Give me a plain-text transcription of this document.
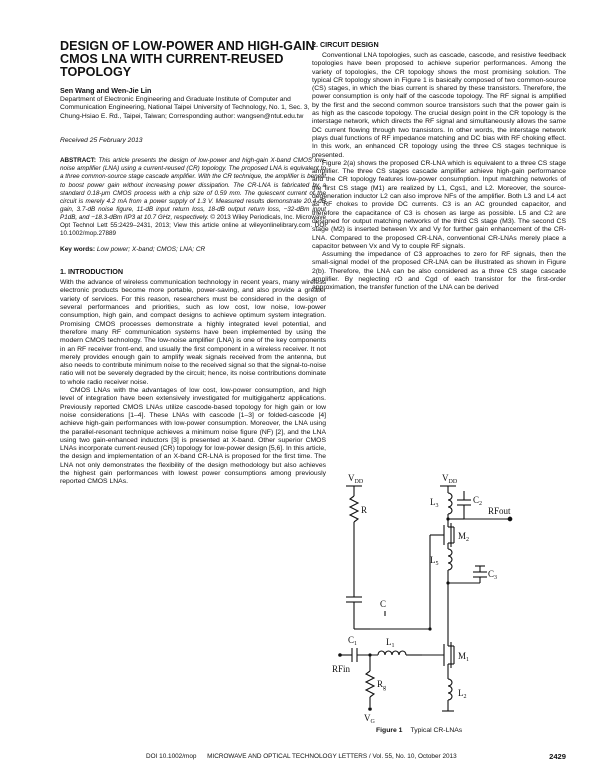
DESIGN OF LOW-POWER AND HIGH-GAIN CMOS LNA WITH CURRENT-REUSED TOPOLOGY

Sen Wang and Wen-Jie Lin

Department of Electronic Engineering and Graduate Institute of Computer and Communication Engineering, National Taipei University of Technology, No. 1, Sec. 3, Chung-Hsiao E. Rd., Taipei, Taiwan; Corresponding author: wangsen@ntut.edu.tw

Received 25 February 2013

ABSTRACT: This article presents the design of low-power and high-gain X-band CMOS low-noise amplifier (LNA) using a current-reused (CR) topology. The proposed LNA is equivalent to a three common-source stage cascade amplifier. With the CR technique, the amplifier is benefit to boost power gain without increasing power dissipation. The CR-LNA is fabricated by a standard 0.18-μm CMOS process with a chip size of 0.59 mm. The quiescent current of the circuit is merely 4.2 mA from a power supply of 1.3 V. Measured results demonstrate 20.4-dB gain, 3.7-dB noise figure, 11-dB input return loss, 18-dB output return loss, −32-dBm input P1dB, and −18.3-dBm IIP3 at 10.7 GHz, respectively. © 2013 Wiley Periodicals, Inc. Microwave Opt Technol Lett 55:2429–2431, 2013; View this article online at wileyonlinelibrary.com. DOI 10.1002/mop.27889

Key words: Low power; X-band; CMOS; LNA; CR

1. INTRODUCTION

With the advance of wireless communication technology in recent years, many wireless electronic products become more portable, power-saving, and also provide a greater variety of services. For this reason, researchers must be considered in the design of several performances and priorities, such as low cost, low noise, low-power consumption, high gain, and compact designs to achieve optimum system integration. Promising CMOS processes demonstrate a highly integrated level potential, and therefore many RF communication systems have been implemented by using the modern CMOS technology. The low-noise amplifier (LNA) is one of the key components in an RF receiver front-end, and usually the first component in a wireless receiver. It not merely provides enough gain to amplify weak signals received from the antenna, but also needs to contribute minimum noise to the received signal so that the signal-to-noise ratio will not be severely degraded by the circuit; hence, its noise contributions dominate to whole radio receiver noise.

CMOS LNAs with the advantages of low cost, low-power consumption, and high level of integration have been extensively investigated for multigigahertz applications. Previously reported CMOS LNAs utilize cascode-based topology for high gain or low noise considerations [1–4]. These LNAs with cascode [1–3] or folded-cascode [4] achieve high-gain performances with low-power consumption. Moreover, the LNA using the parallel-resonant technique achieves a minimum noise figure (NF) [2], and the LNA using two gain-enhanced inductors [3] is presented at X-band. Other superior CMOS LNAs incorporate current-reused (CR) topology for low-power design [5,6]. In this article, the design and implementation of an X-band CR-LNA is proposed for the first time. The LNA not only demonstrates the flexibility of the design methodology but also achieves the highest gain performances with lowest power consumptions among previously reported CMOS LNAs.

2. CIRCUIT DESIGN

Conventional LNA topologies, such as cascade, cascode, and resistive feedback topologies have been proposed to achieve superior performances. Among the variety of topologies, the CR topology shows the most promising solution. The typical CR topology shown in Figure 1 is basically composed of two common-source (CS) stages, in which the bias current is shared by these transistors. Therefore, the power consumption is only half of the cascode topology. The RF signal is amplified by the first and the second common source transistors such that the power gain is as high as the cascode topology. The crucial design point in the CR topology is the interstage network, which directs the RF signal and simultaneously allows the same DC current flowing through two transistors. In other words, the interstage network plays dual functions of RF impedance matching and DC bias with RF choking effect. In this work, an enhanced CR topology using the three CS stages technique is presented.

Figure 2(a) shows the proposed CR-LNA which is equivalent to a three CS stage amplifier. The three CS stages cascade amplifier achieve high-gain performance and the CR topology features low-power consumption. Input matching networks of the first CS stage (M1) are realized by L1, Cgs1, and L2. Moreover, the source-degeneration inductor L2 can also improve NFs of the amplifier. Both L3 and L4 act as RF chokes to provide DC currents. C3 is an AC grounded capacitor, and therefore the capacitance of C3 is chosen as large as possible. L5 and C2 are designed for output matching networks of the third CS stage (M3). The second CS stage (M2) is inserted between Vx and Vy for further gain enhancement of the CR-LNA. Compared to the proposed CR-LNA, conventional CR-LNAs merely place a capacitor between Vx and Vy to couple RF signals.

Assuming the impedance of C3 approaches to zero for RF signals, then the small-signal model of the proposed CR-LNA can be illustrated as shown in Figure 2(b). Therefore, the LNA can be also considered as a three CS stage cascade amplifier. By neglecting rO and Cgd of each transistor for the first-order approximation, the transfer function of the LNA can be derived

$V_{DD}$	$V_{DD}$
R
$L_3$
$C_2$
RFout
$M_2$
$L_5$
$C_3$
C
$C_1$	$L_1$
RFin
$R_g$
$M_1$
$L_2$
$V_G$
Figure 1 Typical CR-LNAs
DOI 10.1002/mop MICROWAVE AND OPTICAL TECHNOLOGY LETTERS / Vol. 55, No. 10, October 2013	2429
